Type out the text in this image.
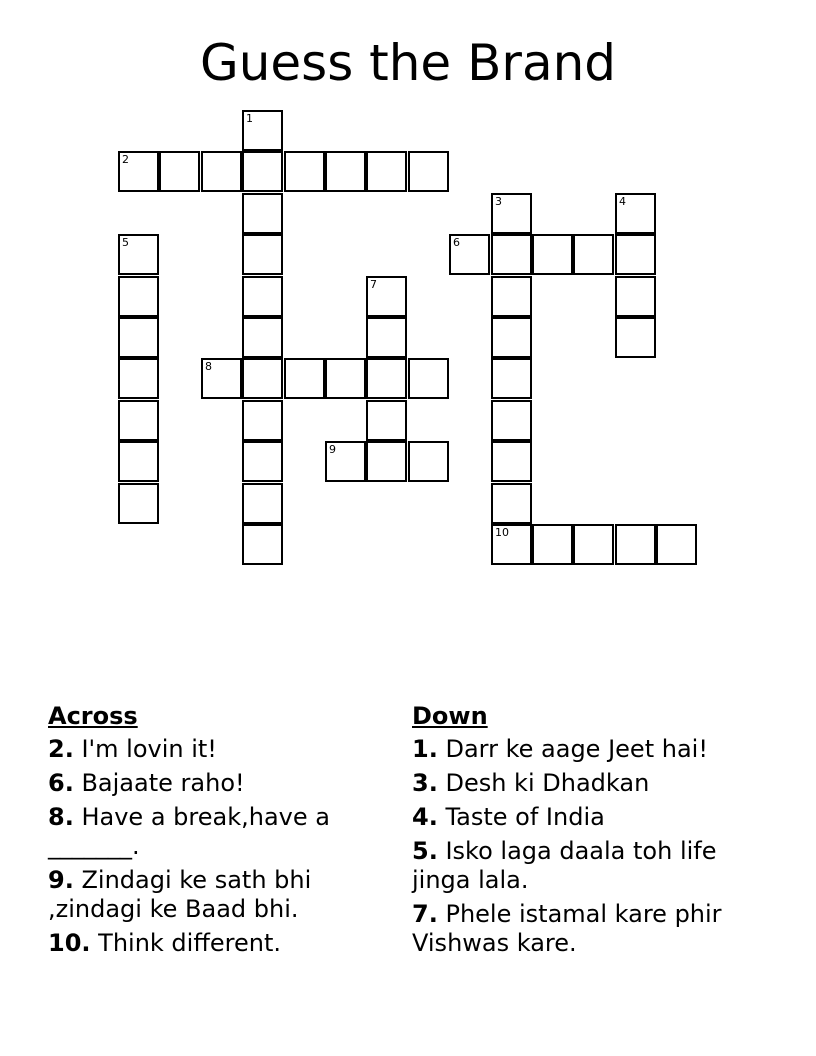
Guess the Brand
1
2
3
10
4
5	6
7
8
9
Across
2. I'm lovin it!
6. Bajaate raho!
8. Have a break,have a _______.
9. Zindagi ke sath bhi ,zindagi ke Baad bhi.
10. Think different.
Down
1. Darr ke aage Jeet hai!
3. Desh ki Dhadkan
4. Taste of India
5. Isko laga daala toh life jinga lala.
7. Phele istamal kare phir Vishwas kare.
